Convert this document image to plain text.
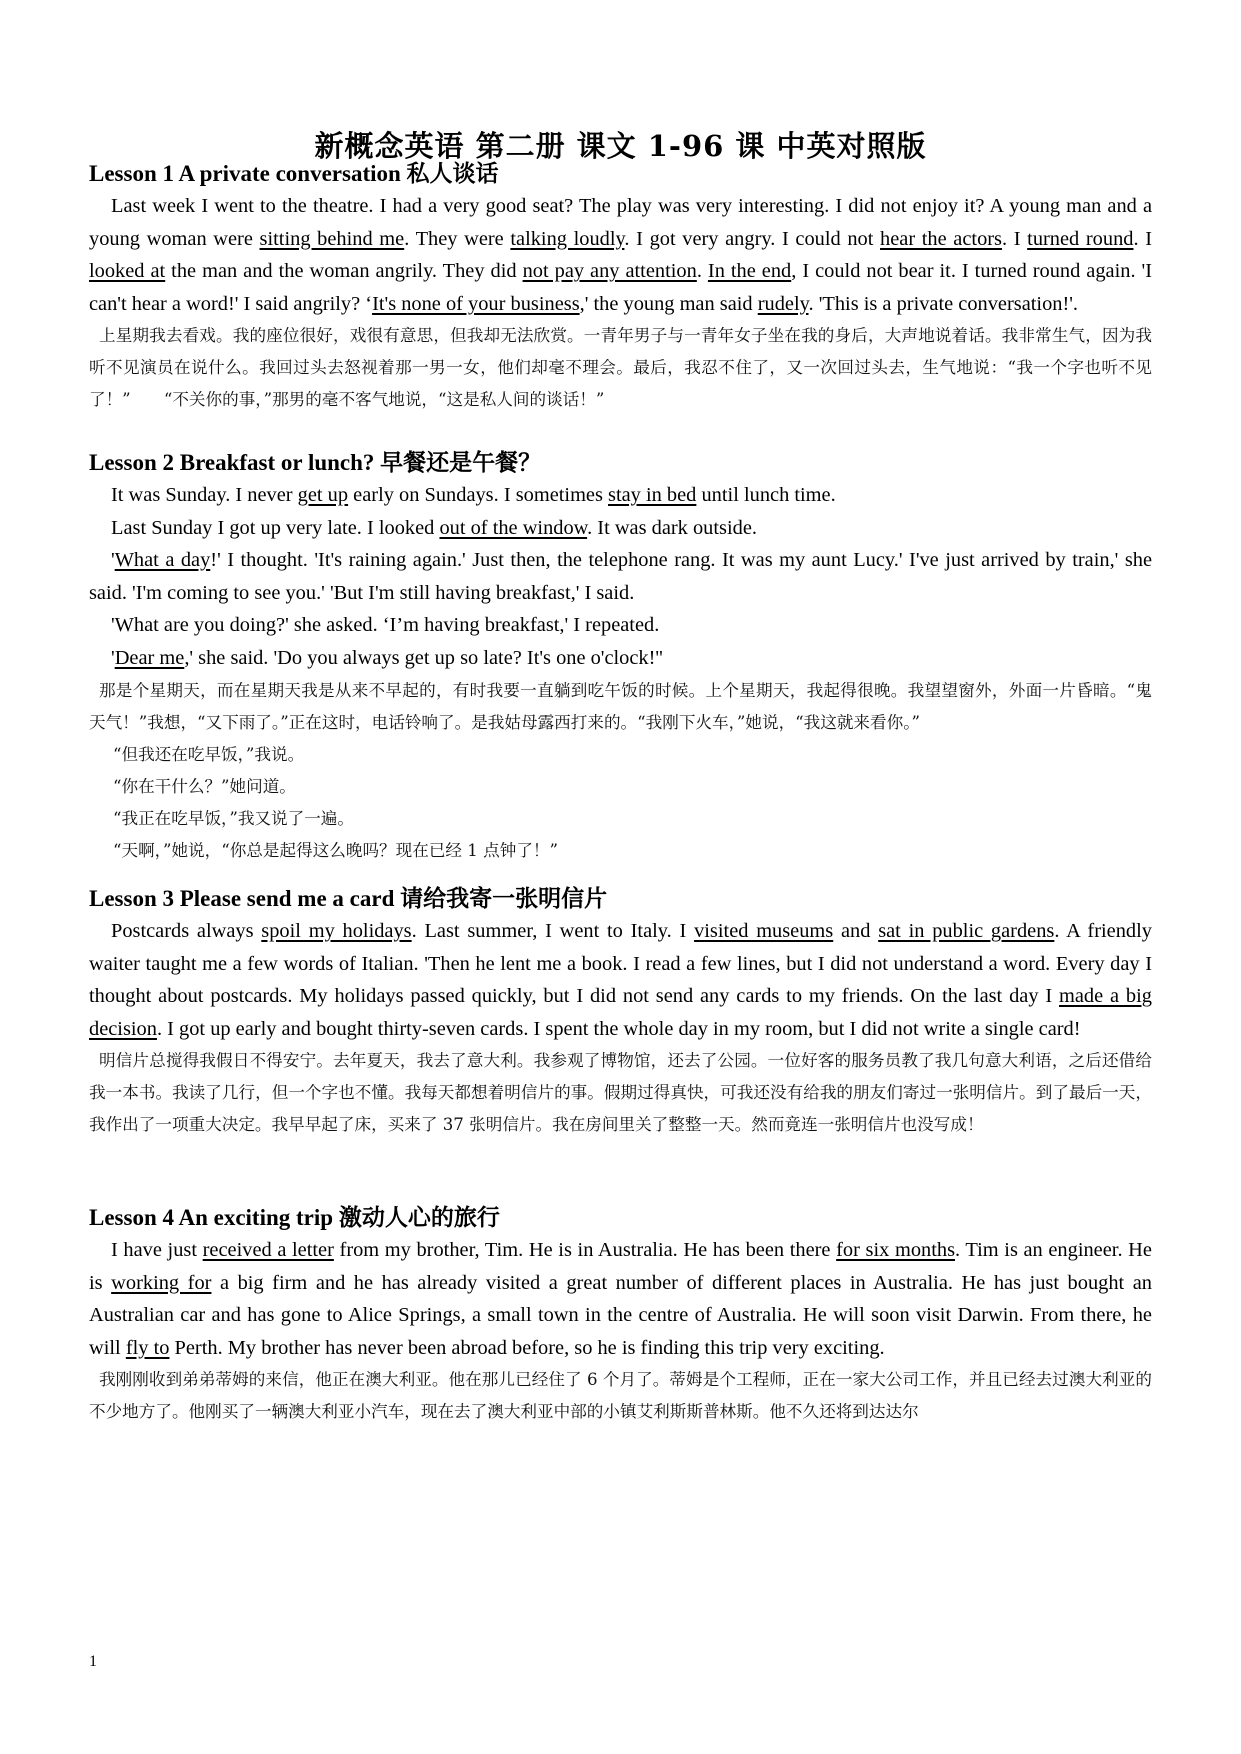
新概念英语 第二册 课文 1-96 课 中英对照版
Lesson 1 A private conversation 私人谈话

Last week I went to the theatre. I had a very good seat? The play was very interesting. I did not enjoy it? A young man and a young woman were sitting behind me. They were talking loudly. I got very angry. I could not hear the actors. I turned round. I looked at the man and the woman angrily. They did not pay any attention. In the end, I could not bear it. I turned round again. 'I can't hear a word!' I said angrily? ‘It's none of your business,' the young man said rudely. 'This is a private conversation!'.

上星期我去看戏。我的座位很好，戏很有意思，但我却无法欣赏。一青年男子与一青年女子坐在我的身后，大声地说着话。我非常生气，因为我听不见演员在说什么。我回过头去怒视着那一男一女，他们却毫不理会。最后，我忍不住了，又一次回过头去，生气地说：“我一个字也听不见了！”　　“不关你的事，”那男的毫不客气地说，“这是私人间的谈话！”

Lesson 2 Breakfast or lunch? 早餐还是午餐？

It was Sunday. I never get up early on Sundays. I sometimes stay in bed until lunch time.

Last Sunday I got up very late. I looked out of the window. It was dark outside.

'What a day!' I thought. 'It's raining again.' Just then, the telephone rang. It was my aunt Lucy.' I've just arrived by train,' she said. 'I'm coming to see you.' 'But I'm still having breakfast,' I said.

'What are you doing?' she asked. ‘I’m having breakfast,' I repeated.

'Dear me,' she said. 'Do you always get up so late? It's one o'clock!''

那是个星期天，而在星期天我是从来不早起的，有时我要一直躺到吃午饭的时候。上个星期天，我起得很晚。我望望窗外，外面一片昏暗。“鬼天气！”我想，“又下雨了。”正在这时，电话铃响了。是我姑母露西打来的。“我刚下火车，”她说，“我这就来看你。”

“但我还在吃早饭，”我说。

“你在干什么？”她问道。

“我正在吃早饭，”我又说了一遍。

“天啊，”她说，“你总是起得这么晚吗？现在已经 1 点钟了！”

Lesson 3 Please send me a card 请给我寄一张明信片

Postcards always spoil my holidays. Last summer, I went to Italy. I visited museums and sat in public gardens. A friendly waiter taught me a few words of Italian. 'Then he lent me a book. I read a few lines, but I did not understand a word. Every day I thought about postcards. My holidays passed quickly, but I did not send any cards to my friends. On the last day I made a big decision. I got up early and bought thirty-seven cards. I spent the whole day in my room, but I did not write a single card!

明信片总搅得我假日不得安宁。去年夏天，我去了意大利。我参观了博物馆，还去了公园。一位好客的服务员教了我几句意大利语，之后还借给我一本书。我读了几行，但一个字也不懂。我每天都想着明信片的事。假期过得真快，可我还没有给我的朋友们寄过一张明信片。到了最后一天，我作出了一项重大决定。我早早起了床，买来了 37 张明信片。我在房间里关了整整一天。然而竟连一张明信片也没写成！

Lesson 4 An exciting trip 激动人心的旅行

I have just received a letter from my brother, Tim. He is in Australia. He has been there for six months. Tim is an engineer. He is working for a big firm and he has already visited a great number of different places in Australia. He has just bought an Australian car and has gone to Alice Springs, a small town in the centre of Australia. He will soon visit Darwin. From there, he will fly to Perth. My brother has never been abroad before, so he is finding this trip very exciting.

我刚刚收到弟弟蒂姆的来信，他正在澳大利亚。他在那儿已经住了 6 个月了。蒂姆是个工程师，正在一家大公司工作，并且已经去过澳大利亚的不少地方了。他刚买了一辆澳大利亚小汽车，现在去了澳大利亚中部的小镇艾利斯斯普林斯。他不久还将到达达尔

1
